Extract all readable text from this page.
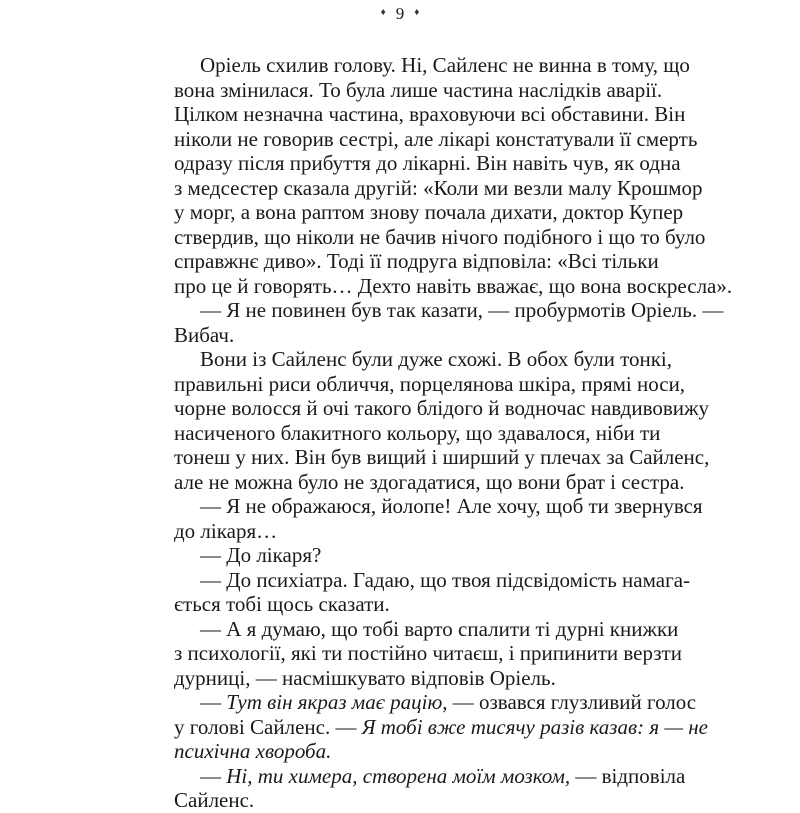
♦ 9 ♦
Оріель схилив голову. Ні, Сайленс не винна в тому, що
вона змінилася. То була лише частина наслідків аварії.
Цілком незначна частина, враховуючи всі обставини. Він
ніколи не говорив сестрі, але лікарі констатували її смерть
одразу після прибуття до лікарні. Він навіть чув, як одна
з медсестер сказала другій: «Коли ми везли малу Крошмор
у морг, а вона раптом знову почала дихати, доктор Купер
ствердив, що ніколи не бачив нічого подібного і що то було
справжнє диво». Тоді її подруга відповіла: «Всі тільки
про це й говорять… Дехто навіть вважає, що вона воскресла».
— Я не повинен був так казати, — пробурмотів Оріель. —
Вибач.
Вони із Сайленс були дуже схожі. В обох були тонкі,
правильні риси обличчя, порцелянова шкіра, прямі носи,
чорне волосся й очі такого блідого й водночас навдивовижу
насиченого блакитного кольору, що здавалося, ніби ти
тонеш у них. Він був вищий і ширший у плечах за Сайленс,
але не можна було не здогадатися, що вони брат і сестра.
— Я не ображаюся, йолопе! Але хочу, щоб ти звернувся
до лікаря…
— До лікаря?
— До психіатра. Гадаю, що твоя підсвідомість намага-
ється тобі щось сказати.
— А я думаю, що тобі варто спалити ті дурні книжки
з психології, які ти постійно читаєш, і припинити верзти
дурниці, — насмішкувато відповів Оріель.
— Тут він якраз має рацію, — озвався глузливий голос
у голові Сайленс. — Я тобі вже тисячу разів казав: я — не
психічна хвороба.
— Ні, ти химера, створена моїм мозком, — відповіла
Сайленс.
